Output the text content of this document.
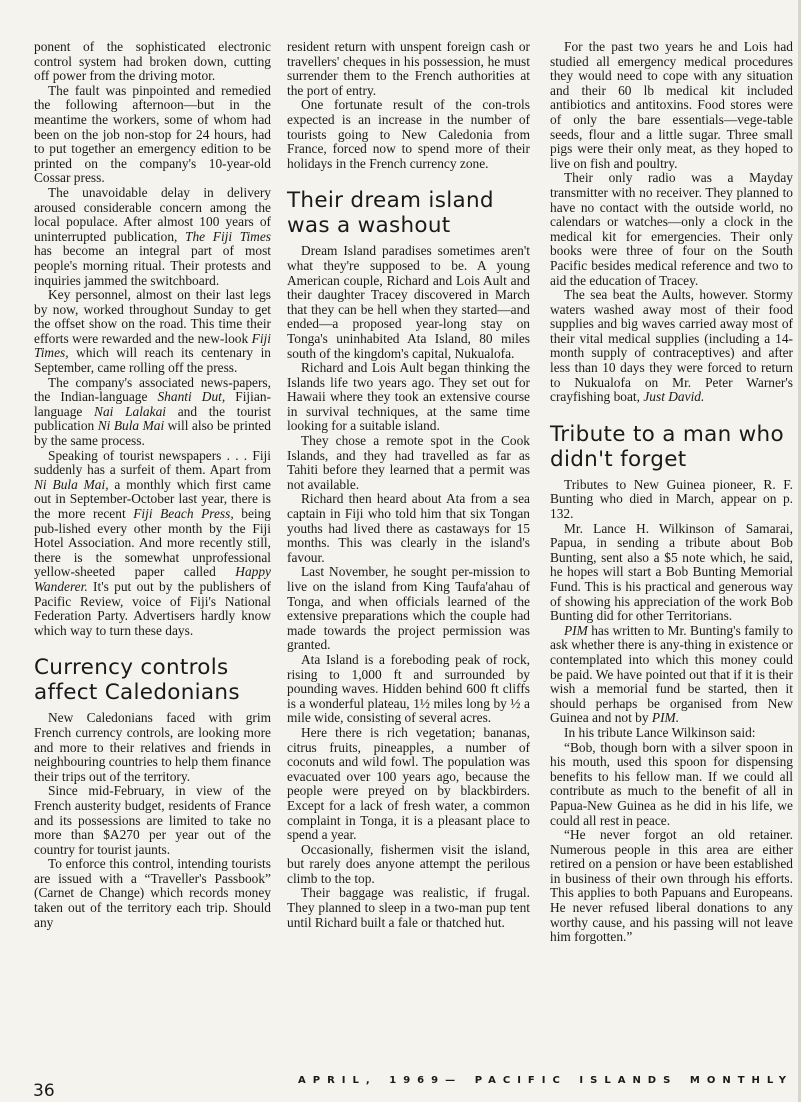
ponent of the sophisticated electronic control system had broken down, cutting off power from the driving motor.

The fault was pinpointed and remedied the following afternoon—but in the meantime the workers, some of whom had been on the job non-stop for 24 hours, had to put together an emergency edition to be printed on the company's 10-year-old Cossar press.

The unavoidable delay in delivery aroused considerable concern among the local populace. After almost 100 years of uninterrupted publication, The Fiji Times has become an integral part of most people's morning ritual. Their protests and inquiries jammed the switchboard.

Key personnel, almost on their last legs by now, worked throughout Sunday to get the offset show on the road. This time their efforts were rewarded and the new-look Fiji Times, which will reach its centenary in September, came rolling off the press.

The company's associated news-papers, the Indian-language Shanti Dut, Fijian-language Nai Lalakai and the tourist publication Ni Bula Mai will also be printed by the same process.

Speaking of tourist newspapers . . . Fiji suddenly has a surfeit of them. Apart from Ni Bula Mai, a monthly which first came out in September-October last year, there is the more recent Fiji Beach Press, being pub-lished every other month by the Fiji Hotel Association. And more recently still, there is the somewhat unprofessional yellow-sheeted paper called Happy Wanderer. It's put out by the publishers of Pacific Review, voice of Fiji's National Federation Party. Advertisers hardly know which way to turn these days.

Currency controls affect Caledonians

New Caledonians faced with grim French currency controls, are looking more and more to their relatives and friends in neighbouring countries to help them finance their trips out of the territory.

Since mid-February, in view of the French austerity budget, residents of France and its possessions are limited to take no more than $A270 per year out of the country for tourist jaunts.

To enforce this control, intending tourists are issued with a “Traveller's Passbook” (Carnet de Change) which records money taken out of the territory each trip. Should any

resident return with unspent foreign cash or travellers' cheques in his possession, he must surrender them to the French authorities at the port of entry.

One fortunate result of the con-trols expected is an increase in the number of tourists going to New Caledonia from France, forced now to spend more of their holidays in the French currency zone.

Their dream island was a washout

Dream Island paradises sometimes aren't what they're supposed to be. A young American couple, Richard and Lois Ault and their daughter Tracey discovered in March that they can be hell when they started—and ended—a proposed year-long stay on Tonga's uninhabited Ata Island, 80 miles south of the kingdom's capital, Nukualofa.

Richard and Lois Ault began thinking the Islands life two years ago. They set out for Hawaii where they took an extensive course in survival techniques, at the same time looking for a suitable island.

They chose a remote spot in the Cook Islands, and they had travelled as far as Tahiti before they learned that a permit was not available.

Richard then heard about Ata from a sea captain in Fiji who told him that six Tongan youths had lived there as castaways for 15 months. This was clearly in the island's favour.

Last November, he sought per-mission to live on the island from King Taufa'ahau of Tonga, and when officials learned of the extensive preparations which the couple had made towards the project permission was granted.

Ata Island is a foreboding peak of rock, rising to 1,000 ft and surrounded by pounding waves. Hidden behind 600 ft cliffs is a wonderful plateau, 1½ miles long by ½ a mile wide, consisting of several acres.

Here there is rich vegetation; bananas, citrus fruits, pineapples, a number of coconuts and wild fowl. The population was evacuated over 100 years ago, because the people were preyed on by blackbirders. Except for a lack of fresh water, a common complaint in Tonga, it is a pleasant place to spend a year.

Occasionally, fishermen visit the island, but rarely does anyone attempt the perilous climb to the top.

Their baggage was realistic, if frugal. They planned to sleep in a two-man pup tent until Richard built a fale or thatched hut.

For the past two years he and Lois had studied all emergency medical procedures they would need to cope with any situation and their 60 lb medical kit included antibiotics and antitoxins. Food stores were of only the bare essentials—vege-table seeds, flour and a little sugar. Three small pigs were their only meat, as they hoped to live on fish and poultry.

Their only radio was a Mayday transmitter with no receiver. They planned to have no contact with the outside world, no calendars or watches—only a clock in the medical kit for emergencies. Their only books were three of four on the South Pacific besides medical reference and two to aid the education of Tracey.

The sea beat the Aults, however. Stormy waters washed away most of their food supplies and big waves carried away most of their vital medical supplies (including a 14-month supply of contraceptives) and after less than 10 days they were forced to return to Nukualofa on Mr. Peter Warner's crayfishing boat, Just David.

Tribute to a man who didn't forget

Tributes to New Guinea pioneer, R. F. Bunting who died in March, appear on p. 132.

Mr. Lance H. Wilkinson of Samarai, Papua, in sending a tribute about Bob Bunting, sent also a $5 note which, he said, he hopes will start a Bob Bunting Memorial Fund. This is his practical and generous way of showing his appreciation of the work Bob Bunting did for other Territorians.

PIM has written to Mr. Bunting's family to ask whether there is any-thing in existence or contemplated into which this money could be paid. We have pointed out that if it is their wish a memorial fund be started, then it should perhaps be organised from New Guinea and not by PIM.

In his tribute Lance Wilkinson said:

“Bob, though born with a silver spoon in his mouth, used this spoon for dispensing benefits to his fellow man. If we could all contribute as much to the benefit of all in Papua-New Guinea as he did in his life, we could all rest in peace.

“He never forgot an old retainer. Numerous people in this area are either retired on a pension or have been established in business of their own through his efforts. This applies to both Papuans and Europeans. He never refused liberal donations to any worthy cause, and his passing will not leave him forgotten.”

36
APRIL, 1969— PACIFIC ISLANDS MONTHLY
